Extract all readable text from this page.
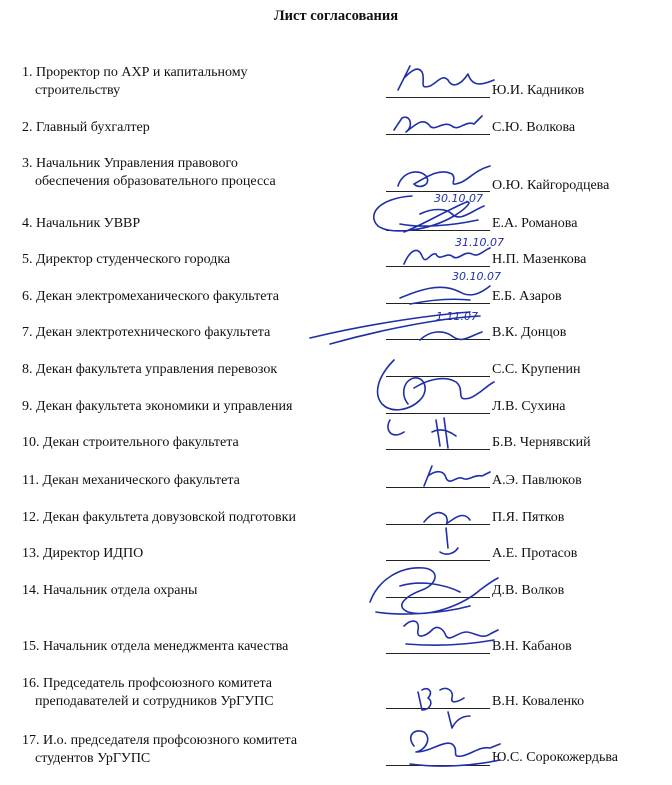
Лист согласования
1. Проректор по АХР и капитальному
строительству	Ю.И. Кадников
2. Главный бухгалтер	С.Ю. Волкова
3. Начальник Управления правового
обеспечения образовательного процесса	О.Ю. Кайгородцева
4. Начальник УВВР	Е.А. Романова
5. Директор студенческого городка	Н.П. Мазенкова
6. Декан электромеханического факультета	Е.Б. Азаров
7. Декан электротехнического факультета	В.К. Донцов
8. Декан факультета управления перевозок	С.С. Крупенин
9. Декан факультета экономики и управления	Л.В. Сухина
10. Декан строительного факультета	Б.В. Чернявский
11. Декан механического факультета	А.Э. Павлюков
12. Декан факультета довузовской подготовки	П.Я. Пятков
13. Директор ИДПО	А.Е. Протасов
14. Начальник отдела охраны	Д.В. Волков
15. Начальник отдела менеджмента качества	В.Н. Кабанов
16. Председатель профсоюзного комитета
преподавателей и сотрудников УрГУПС	В.Н. Коваленко
17. И.о. председателя профсоюзного комитета
студентов УрГУПС	Ю.С. Сорокожердьва
30.10.07
31.10.07
30.10.07
1.11.07
